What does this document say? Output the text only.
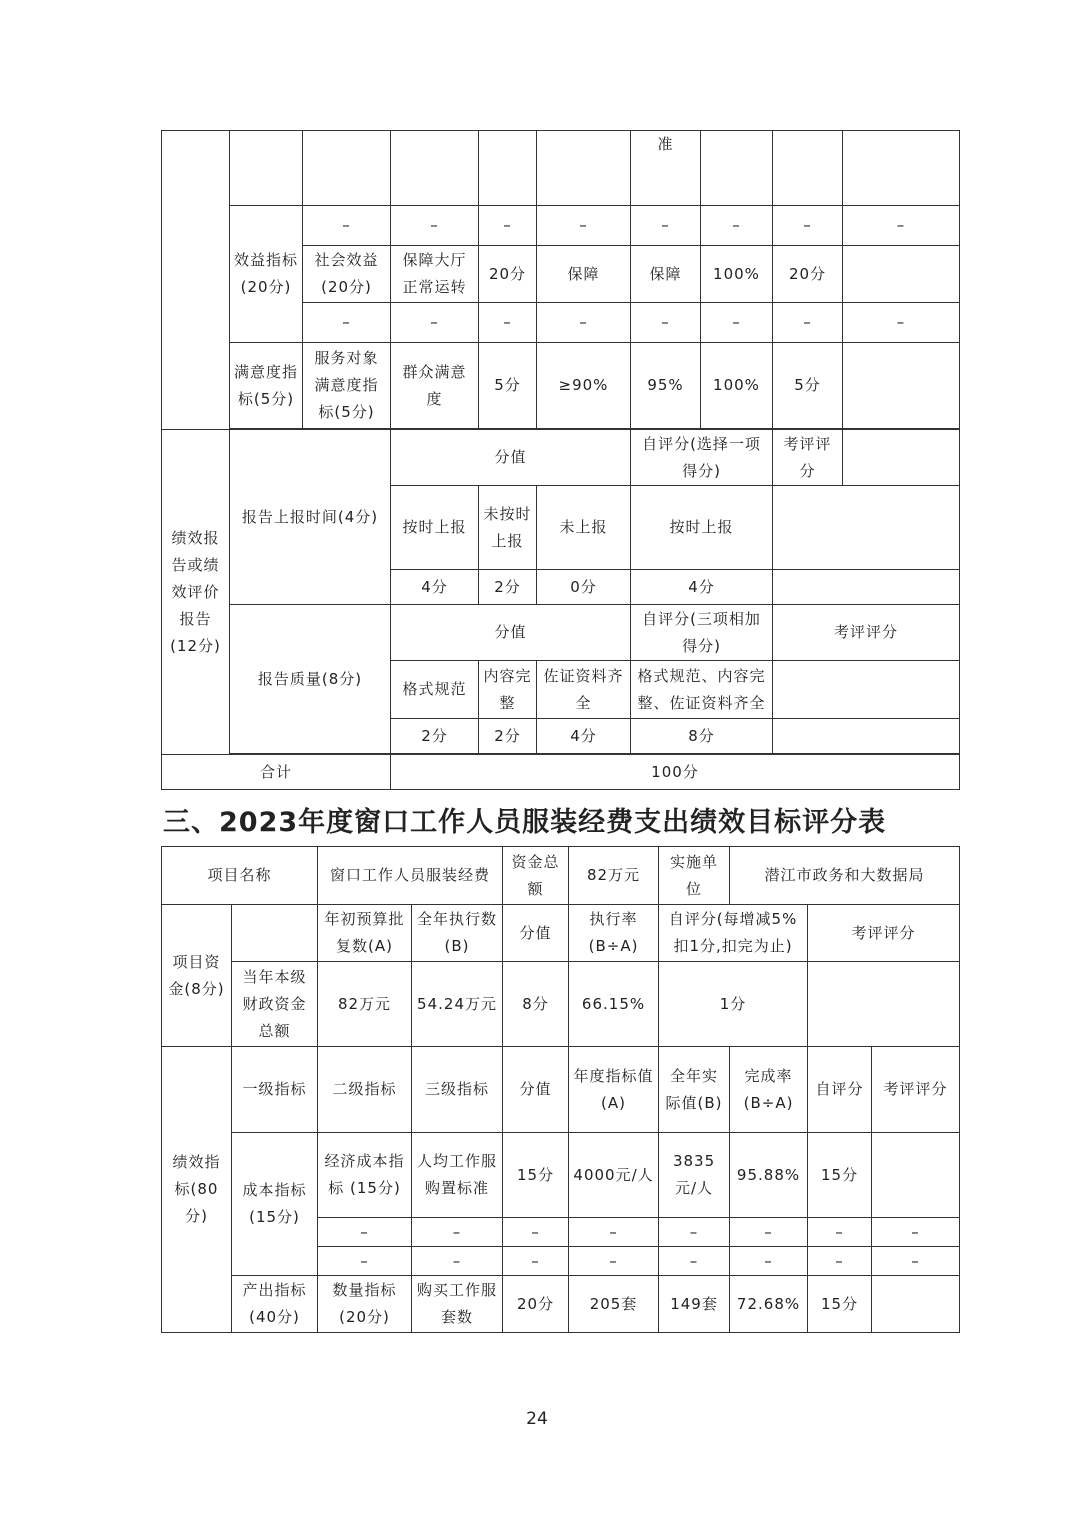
						准			
	效益指标(20分)	–	–	–	–	–	–	–	–
		社会效益(20分)	保障大厅正常运转	20分	保障	保障	100%	20分	
		–	–	–	–	–	–	–	–
	满意度指标(5分)	服务对象满意度指标(5分)	群众满意度	5分	≥90%	95%	100%	5分	

绩效报告或绩效评价报告(12分)	报告上报时间(4分)		分值			自评分(选择一项得分)		考评评分	
			按时上报	未按时上报	未上报	按时上报			
			4分	2分	0分	4分			
	报告质量(8分)		分值			自评分(三项相加得分)		考评评分	
			格式规范	内容完整	佐证资料齐全	格式规范、内容完整、佐证资料齐全			
			2分	2分	4分	8分			

合计			100分						
三、2023年度窗口工作人员服装经费支出绩效目标评分表
项目名称		窗口工作人员服装经费		资金总额	82万元	实施单位	潜江市政务和大数据局		
项目资金(8分)		年初预算批复数(A)	全年执行数(B)	分值	执行率(B÷A)	自评分(每增减5%扣1分,扣完为止)		考评评分	
	当年本级财政资金总额	82万元	54.24万元	8分	66.15%	1分			
绩效指标(80分)	一级指标	二级指标	三级指标	分值	年度指标值(A)	全年实际值(B)	完成率(B÷A)	自评分	考评评分
	成本指标(15分)	经济成本指标 (15分)	人均工作服购置标准	15分	4000元/人	3835元/人	95.88%	15分	
		–	–	–	–	–	–	–	–
		–	–	–	–	–	–	–	–
	产出指标(40分)	数量指标(20分)	购买工作服套数	20分	205套	149套	72.68%	15分	
24
